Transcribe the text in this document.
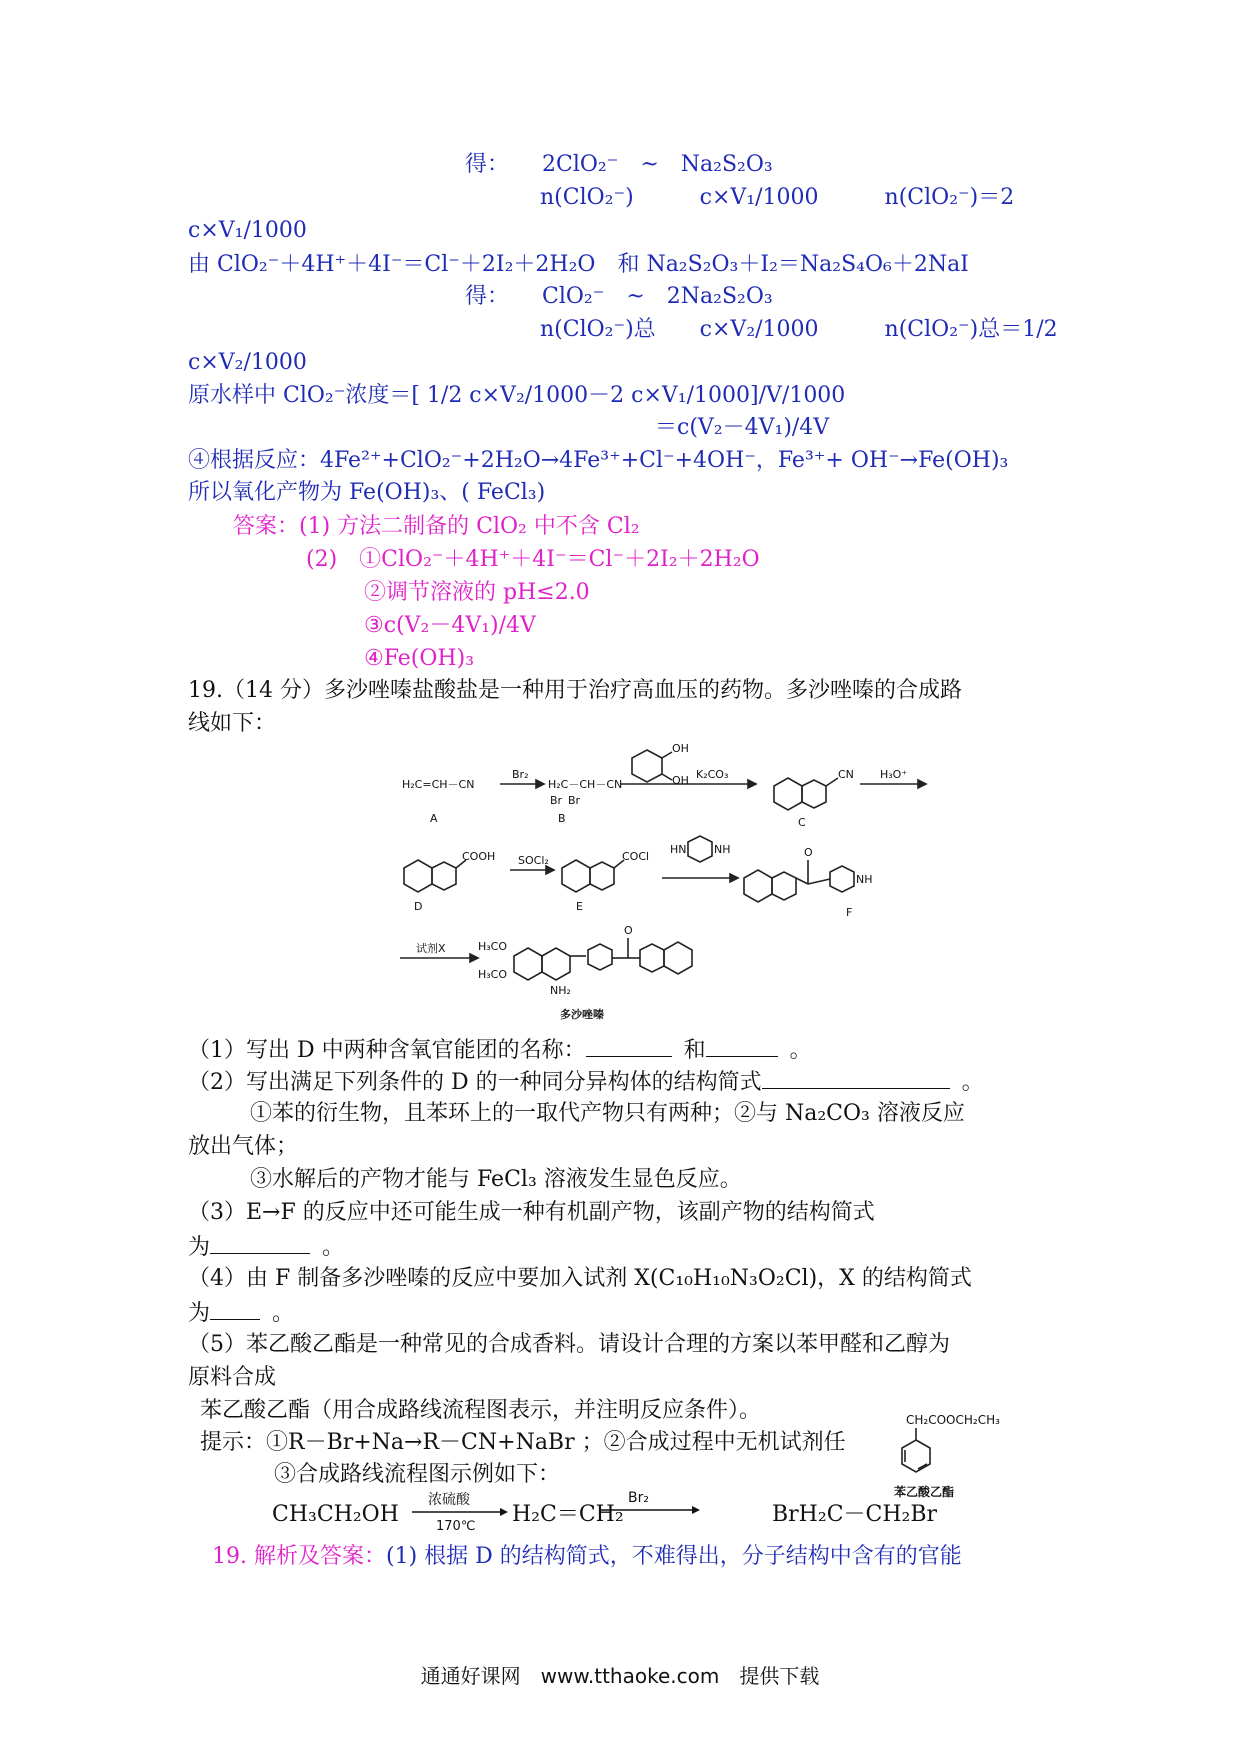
得：　　2ClO₂⁻　~　Na₂S₂O₃
n(ClO₂⁻)　　　c×V₁/1000　　　n(ClO₂⁻)＝2
c×V₁/1000
由 ClO₂⁻＋4H⁺＋4I⁻＝Cl⁻＋2I₂＋2H₂O　和 Na₂S₂O₃＋I₂＝Na₂S₄O₆＋2NaI
得：　　ClO₂⁻　~　2Na₂S₂O₃
n(ClO₂⁻)总　　c×V₂/1000　　　n(ClO₂⁻)总＝1/2
c×V₂/1000
原水样中 ClO₂⁻浓度＝[ 1/2 c×V₂/1000－2 c×V₁/1000]/V/1000
＝c(V₂－4V₁)/4V
④根据反应：4Fe²⁺+ClO₂⁻+2H₂O→4Fe³⁺+Cl⁻+4OH⁻，Fe³⁺+ OH⁻→Fe(OH)₃
所以氧化产物为 Fe(OH)₃、( FeCl₃)
答案：(1) 方法二制备的 ClO₂ 中不含 Cl₂
(2)　①ClO₂⁻＋4H⁺＋4I⁻＝Cl⁻＋2I₂＋2H₂O
②调节溶液的 pH≤2.0
③c(V₂－4V₁)/4V
④Fe(OH)₃
19.（14 分）多沙唑嗪盐酸盐是一种用于治疗高血压的药物。多沙唑嗪的合成路
线如下：
H₂C=CH－CN
A
Br₂
H₂C－CH－CN
Br Br
B
OH
OH K₂CO₃	CN
C
H₃O⁺
COOH
D
SOCl₂	COCl
E
HN	NH	O
NH
F
试剂X	H₃CO
H₃CO
NH₂
O
多沙唑嗪
（1）写出 D 中两种含氧官能团的名称：	和	。
（2）写出满足下列条件的 D 的一种同分异构体的结构简式	。
①苯的衍生物，且苯环上的一取代产物只有两种；②与 Na₂CO₃ 溶液反应
放出气体；
③水解后的产物才能与 FeCl₃ 溶液发生显色反应。
（3）E→F 的反应中还可能生成一种有机副产物，该副产物的结构简式
为	。
（4）由 F 制备多沙唑嗪的反应中要加入试剂 X(C₁₀H₁₀N₃O₂Cl)，X 的结构简式
为	。
（5）苯乙酸乙酯是一种常见的合成香料。请设计合理的方案以苯甲醛和乙醇为
原料合成
苯乙酸乙酯（用合成路线流程图表示，并注明反应条件）。
提示：①R－Br+Na→R－CN+NaBr ；②合成过程中无机试剂任
③合成路线流程图示例如下：
CH₂COOCH₂CH₃
苯乙酸乙酯
CH₃CH₂OH
浓硫酸
170℃ H₂C＝CH₂
Br₂
BrH₂C－CH₂Br
19. 解析及答案：(1) 根据 D 的结构简式，不难得出，分子结构中含有的官能
通通好课网　www.tthaoke.com　提供下载
